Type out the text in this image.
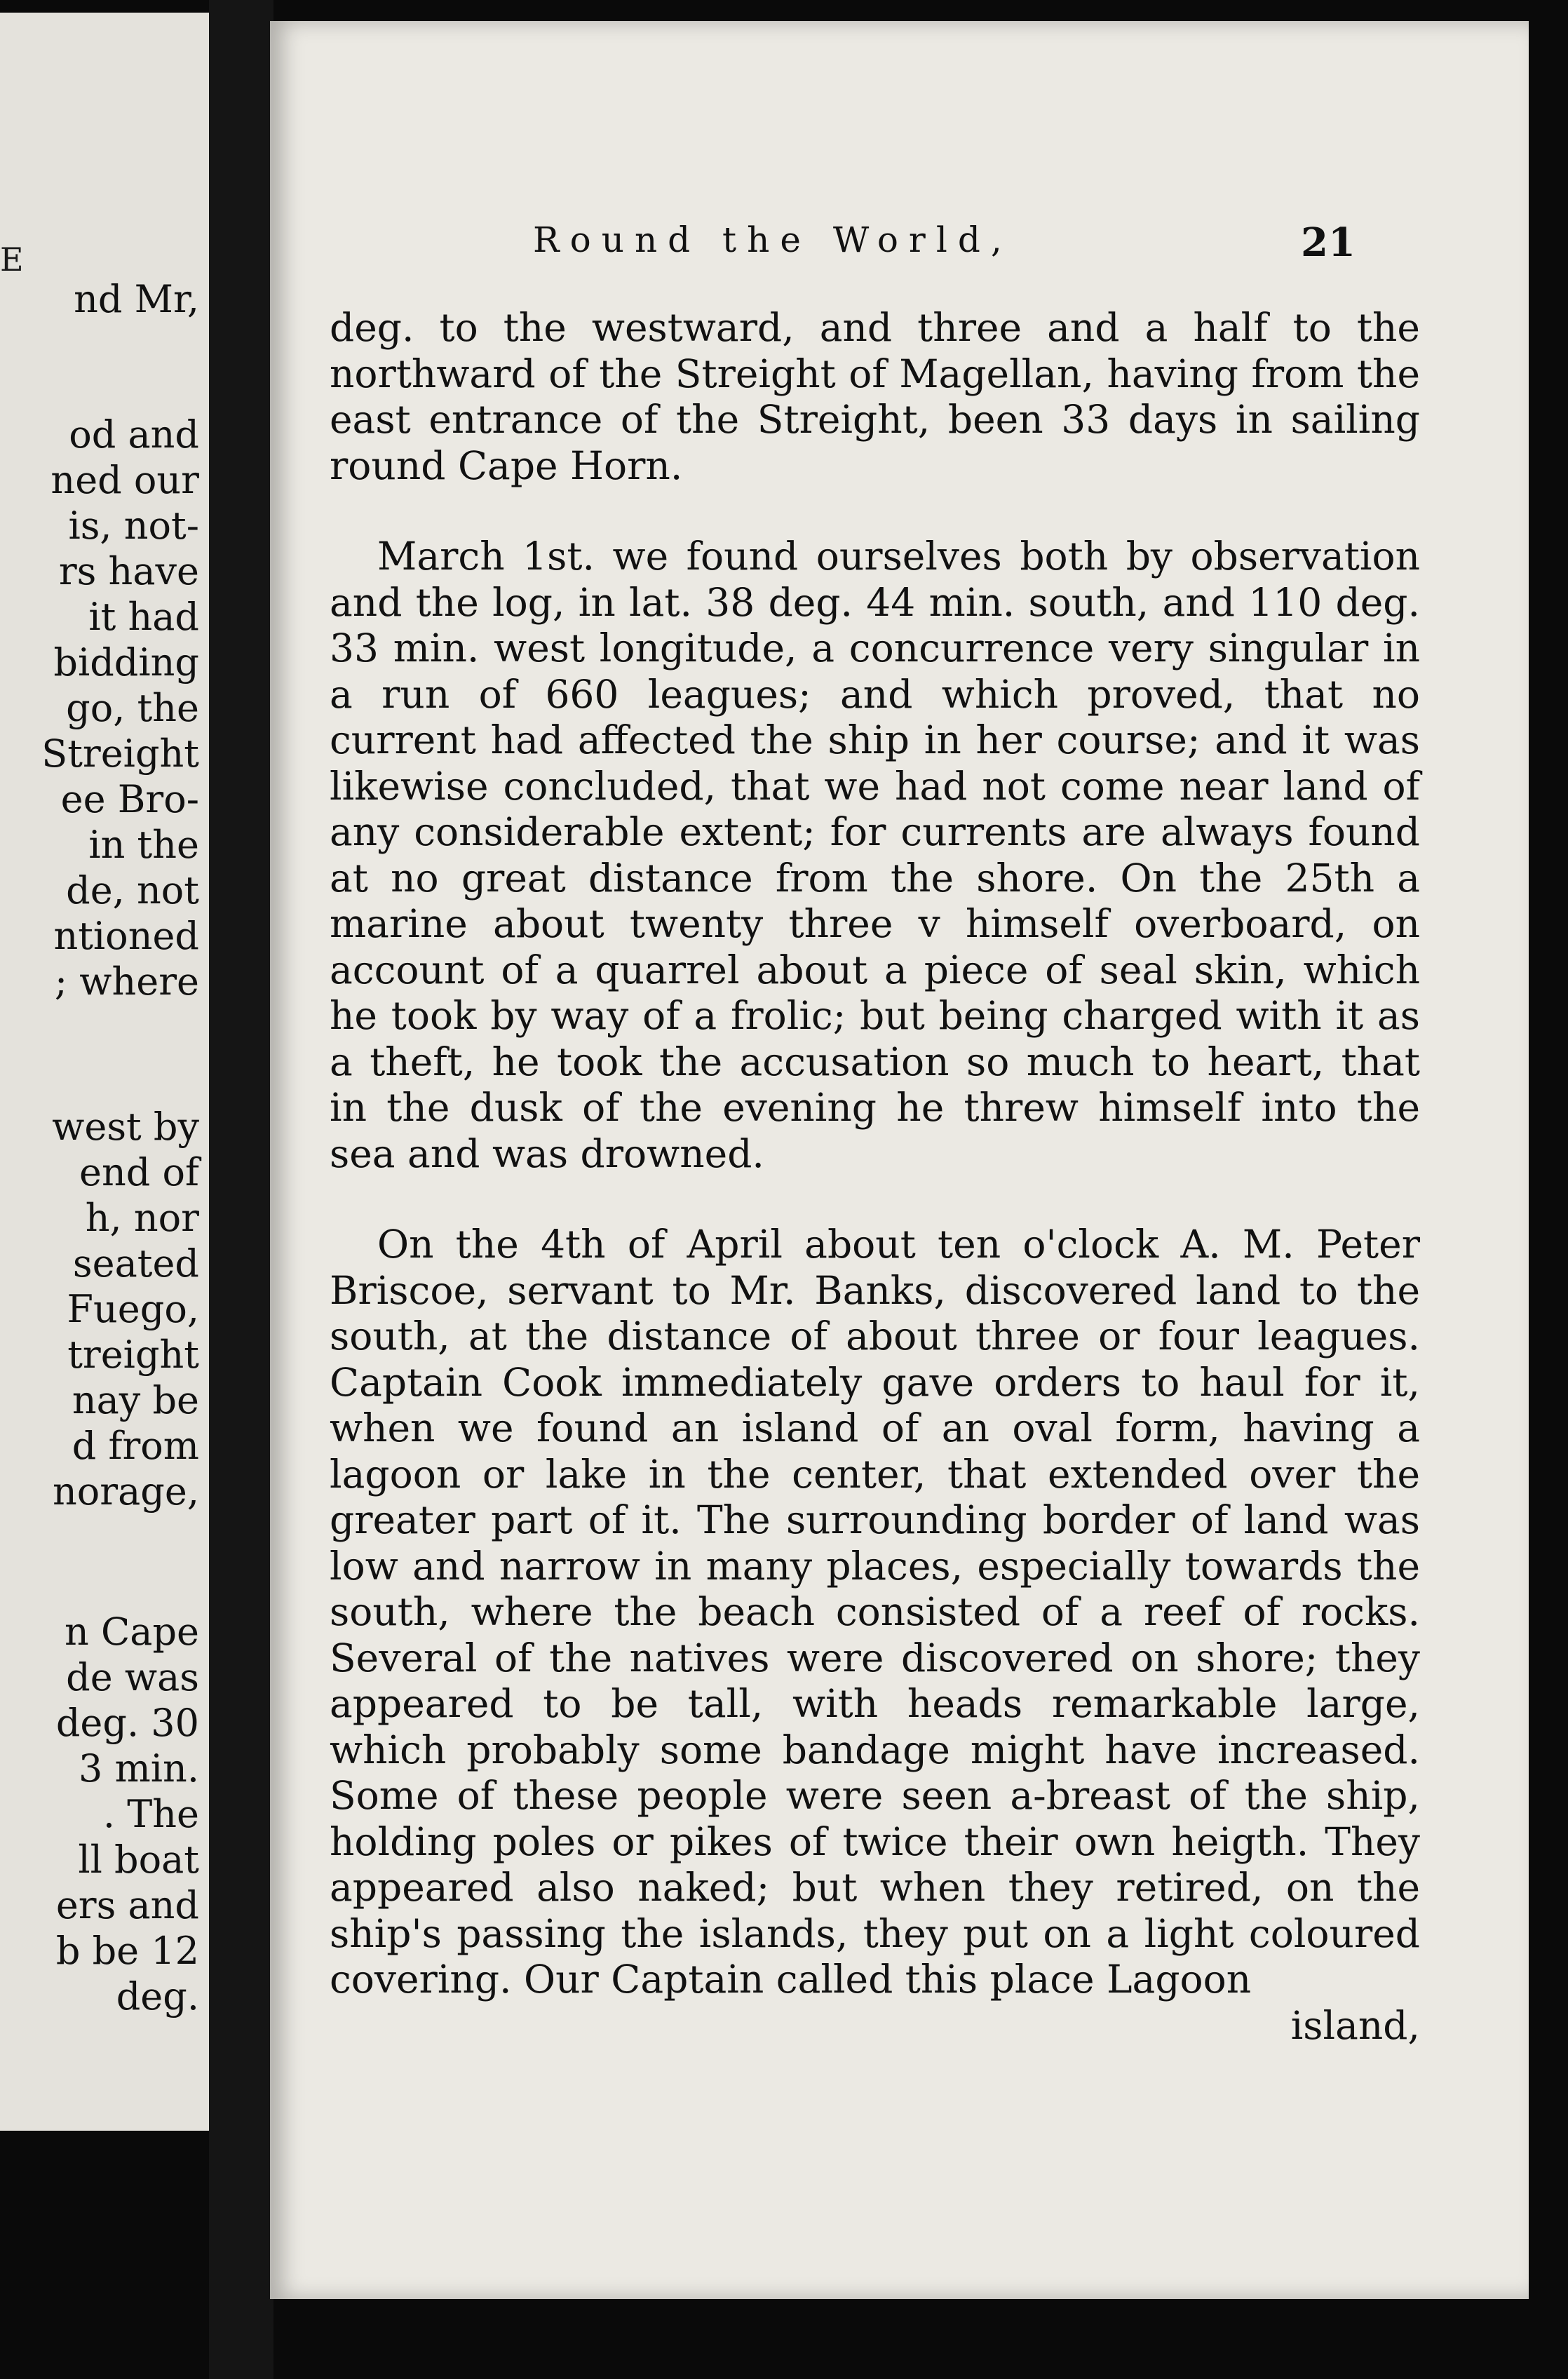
E
nd Mr,
od and
ned our
is, not-
rs have
it had
bidding
go, the
Streight
ee Bro-
in the
de, not
ntioned
; where
west by
end of
h, nor
seated
Fuego,
treight
nay be
d from
norage,
n Cape
de was
deg. 30
3 min.
. The
ll boat
ers and
b be 12
deg.
Round the World,	21

deg. to the westward, and three and a half to the northward of the Streight of Magellan, having from the east entrance of the Streight, been 33 days in sailing round Cape Horn.

March 1st. we found ourselves both by observation and the log, in lat. 38 deg. 44 min. south, and 110 deg. 33 min. west longitude, a concurrence very singular in a run of 660 leagues; and which proved, that no current had affected the ship in her course; and it was likewise concluded, that we had not come near land of any considerable extent; for currents are always found at no great distance from the shore. On the 25th a marine about twenty three v himself overboard, on account of a quarrel about a piece of seal skin, which he took by way of a frolic; but being charged with it as a theft, he took the accusation so much to heart, that in the dusk of the evening he threw himself into the sea and was drowned.

On the 4th of April about ten o'clock A. M. Peter Briscoe, servant to Mr. Banks, discovered land to the south, at the distance of about three or four leagues. Captain Cook immediately gave orders to haul for it, when we found an island of an oval form, having a lagoon or lake in the center, that extended over the greater part of it. The surrounding border of land was low and narrow in many places, especially towards the south, where the beach consisted of a reef of rocks. Several of the natives were discovered on shore; they appeared to be tall, with heads remarkable large, which probably some bandage might have increased. Some of these people were seen a-breast of the ship, holding poles or pikes of twice their own heigth. They appeared also naked; but when they retired, on the ship's passing the islands, they put on a light coloured covering. Our Captain called this place Lagoon

island,
